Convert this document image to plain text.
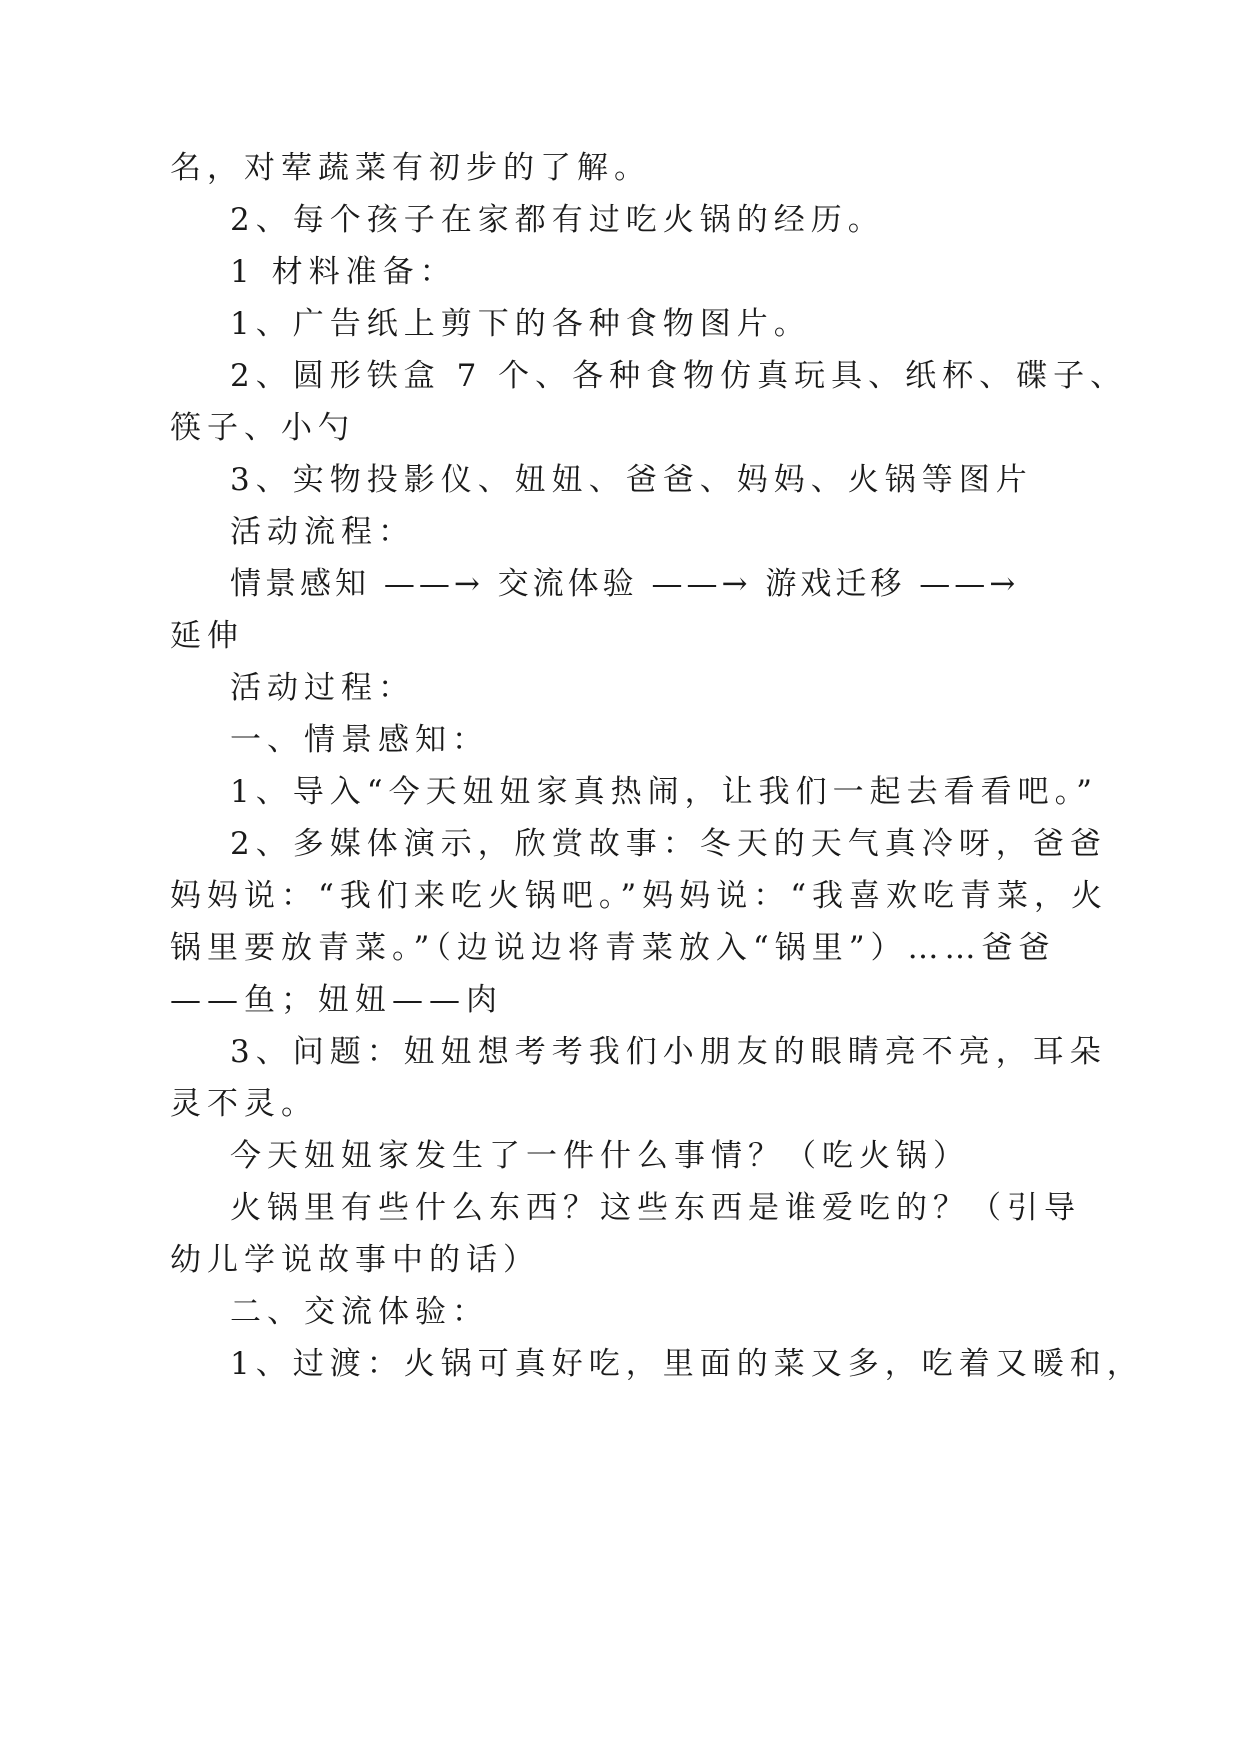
名，对荤蔬菜有初步的了解。
2、每个孩子在家都有过吃火锅的经历。
1 材料准备：
1、广告纸上剪下的各种食物图片。
2、圆形铁盒 7 个、各种食物仿真玩具、纸杯、碟子、
筷子、小勺
3、实物投影仪、妞妞、爸爸、妈妈、火锅等图片
活动流程：
情景感知 ——→ 交流体验 ——→ 游戏迁移 ——→
延伸
活动过程：
一、情景感知：
1、导入“今天妞妞家真热闹，让我们一起去看看吧。”
2、多媒体演示，欣赏故事：冬天的天气真冷呀，爸爸
妈妈说：“我们来吃火锅吧。”妈妈说：“我喜欢吃青菜，火
锅里要放青菜。”（边说边将青菜放入“锅里”）……爸爸
——鱼；妞妞——肉
3、问题：妞妞想考考我们小朋友的眼睛亮不亮，耳朵
灵不灵。
今天妞妞家发生了一件什么事情？（吃火锅）
火锅里有些什么东西？这些东西是谁爱吃的？（引导
幼儿学说故事中的话）
二、交流体验：
1、过渡：火锅可真好吃，里面的菜又多，吃着又暖和，
